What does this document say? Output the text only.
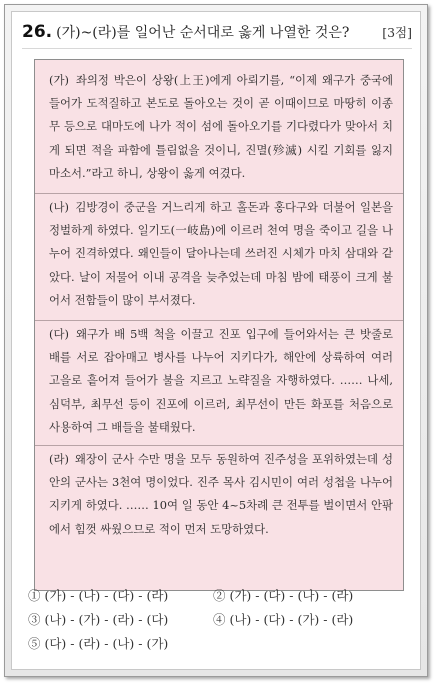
26. (가)~(라)를 일어난 순서대로 옳게 나열한 것은?	[3점]
(가) 좌의정 박은이 상왕(上王)에게 아뢰기를, “이제 왜구가 중국에 들어가 도적질하고 본도로 돌아오는 것이 곧 이때이므로 마땅히 이종무 등으로 대마도에 나가 적이 섬에 돌아오기를 기다렸다가 맞아서 치게 되면 적을 파함에 틀림없을 것이니, 진멸(殄滅) 시킬 기회를 잃지 마소서.”라고 하니, 상왕이 옳게 여겼다.
(나) 김방경이 중군을 거느리게 하고 홀돈과 홍다구와 더불어 일본을 정벌하게 하였다. 일기도(一岐島)에 이르러 천여 명을 죽이고 길을 나누어 진격하였다. 왜인들이 달아나는데 쓰러진 시체가 마치 삼대와 같았다. 날이 저물어 이내 공격을 늦추었는데 마침 밤에 태풍이 크게 불어서 전함들이 많이 부서졌다.
(다) 왜구가 배 5백 척을 이끌고 진포 입구에 들어와서는 큰 밧줄로 배를 서로 잡아매고 병사를 나누어 지키다가, 해안에 상륙하여 여러 고을로 흩어져 들어가 불을 지르고 노략질을 자행하였다. …… 나세, 심덕부, 최무선 등이 진포에 이르러, 최무선이 만든 화포를 처음으로 사용하여 그 배들을 불태웠다.
(라) 왜장이 군사 수만 명을 모두 동원하여 진주성을 포위하였는데 성 안의 군사는 3천여 명이었다. 진주 목사 김시민이 여러 성첩을 나누어 지키게 하였다. …… 10여 일 동안 4~5차례 큰 전투를 벌이면서 안팎에서 힘껏 싸웠으므로 적이 먼저 도망하였다.
① (가) - (나) - (다) - (라)	② (가) - (다) - (나) - (라)
③ (나) - (가) - (라) - (다)	④ (나) - (다) - (가) - (라)
⑤ (다) - (라) - (나) - (가)
